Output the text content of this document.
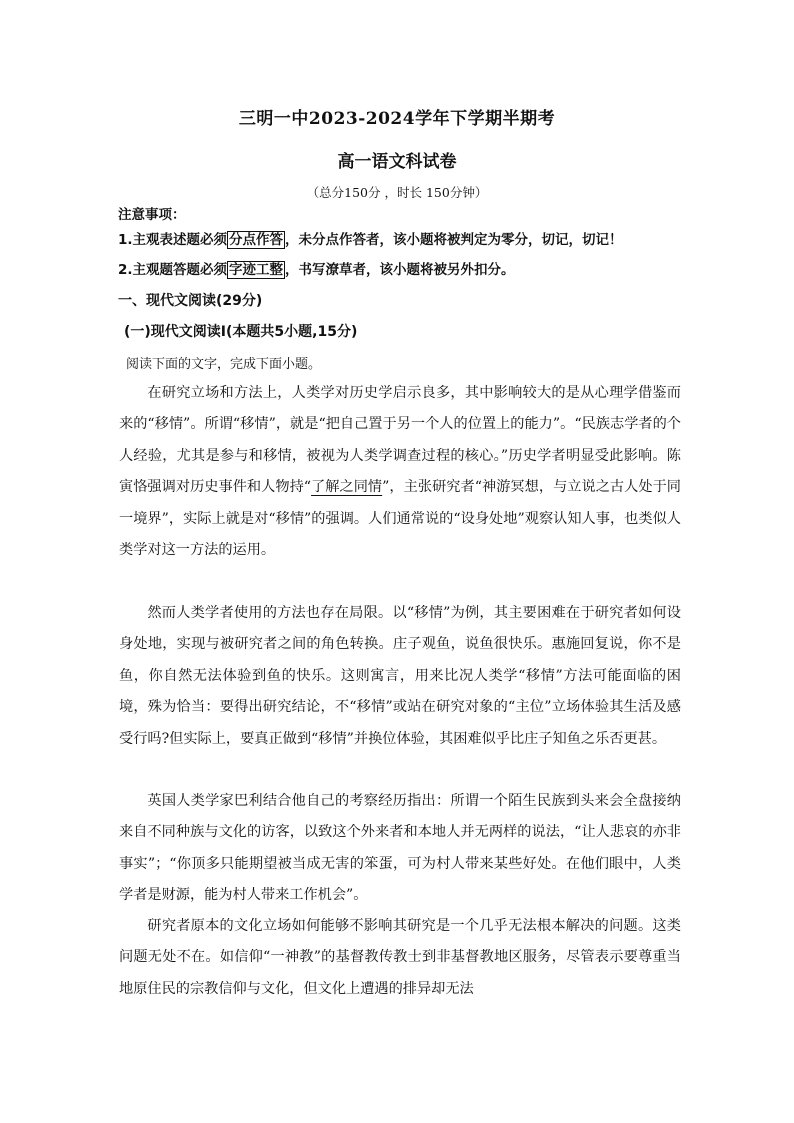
三明一中2023-2024学年下学期半期考
高一语文科试卷
（总分150分 ，时长 150分钟）
注意事项：
1.主观表述题必须 分点作答 ，未分点作答者，该小题将被判定为零分，切记，切记！
2.主观题答题必须 字迹工整 ，书写潦草者，该小题将被另外扣分。
一、现代文阅读(29分)
(一)现代文阅读Ⅰ(本题共5小题,15分)
阅读下面的文字，完成下面小题。

在研究立场和方法上，人类学对历史学启示良多，其中影响较大的是从心理学借鉴而来的“移情”。所谓“移情”，就是“把自己置于另一个人的位置上的能力”。“民族志学者的个人经验，尤其是参与和移情，被视为人类学调查过程的核心。”历史学者明显受此影响。陈寅恪强调对历史事件和人物持“了解之同情”，主张研究者“神游冥想，与立说之古人处于同一境界”，实际上就是对“移情”的强调。人们通常说的“设身处地”观察认知人事，也类似人类学对这一方法的运用。

然而人类学者使用的方法也存在局限。以“移情”为例，其主要困难在于研究者如何设身处地，实现与被研究者之间的角色转换。庄子观鱼，说鱼很快乐。惠施回复说，你不是鱼，你自然无法体验到鱼的快乐。这则寓言，用来比况人类学“移情”方法可能面临的困境，殊为恰当：要得出研究结论，不“移情”或站在研究对象的“主位”立场体验其生活及感受行吗?但实际上，要真正做到“移情”并换位体验，其困难似乎比庄子知鱼之乐否更甚。

英国人类学家巴利结合他自己的考察经历指出：所谓一个陌生民族到头来会全盘接纳来自不同种族与文化的访客，以致这个外来者和本地人并无两样的说法，“让人悲哀的亦非事实”；“你顶多只能期望被当成无害的笨蛋，可为村人带来某些好处。在他们眼中，人类学者是财源，能为村人带来工作机会”。

研究者原本的文化立场如何能够不影响其研究是一个几乎无法根本解决的问题。这类问题无处不在。如信仰“一神教”的基督教传教士到非基督教地区服务，尽管表示要尊重当地原住民的宗教信仰与文化，但文化上遭遇的排异却无法
